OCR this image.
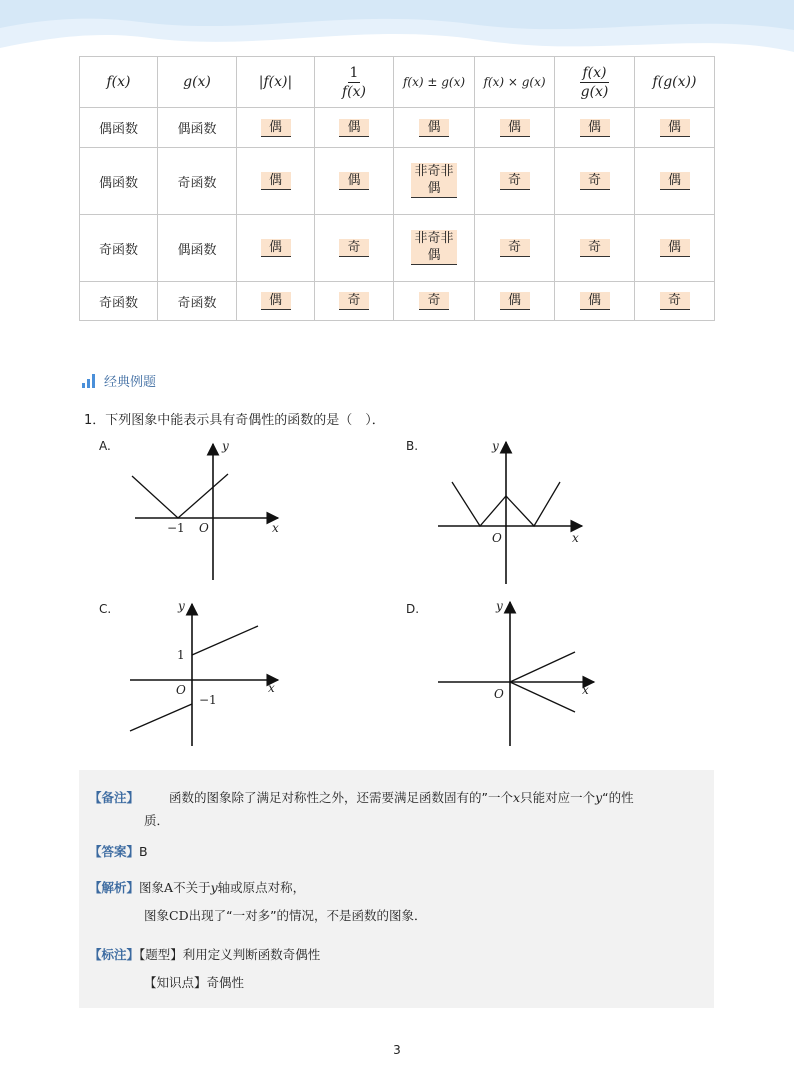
f(x)	g(x)	|f(x)|	$\frac{1}{f(x)}$	f(x) ± g(x)	f(x) × g(x)	$\frac{f(x)}{g(x)}$	f(g(x))
偶函数	偶函数	偶	偶	偶	偶	偶	偶
偶函数	奇函数	偶	偶	非奇非偶	奇	奇	偶
奇函数	偶函数	偶	奇	非奇非偶	奇	奇	偶
奇函数	奇函数	偶	奇	奇	偶	偶	奇
经典例题
1．下列图象中能表示具有奇偶性的函数的是（　）．
A.	y
x
O
−1
B.	y
x
O
C.	y
x
O
1
−1
D.	y
x
O
【备注】 函数的图象除了满足对称性之外，还需要满足函数固有的”一个x只能对应一个y“的性
质．
【答案】B
【解析】图象A不关于y轴或原点对称，
图象CD出现了“一对多”的情况，不是函数的图象．
【标注】【题型】利用定义判断函数奇偶性
【知识点】奇偶性
3
